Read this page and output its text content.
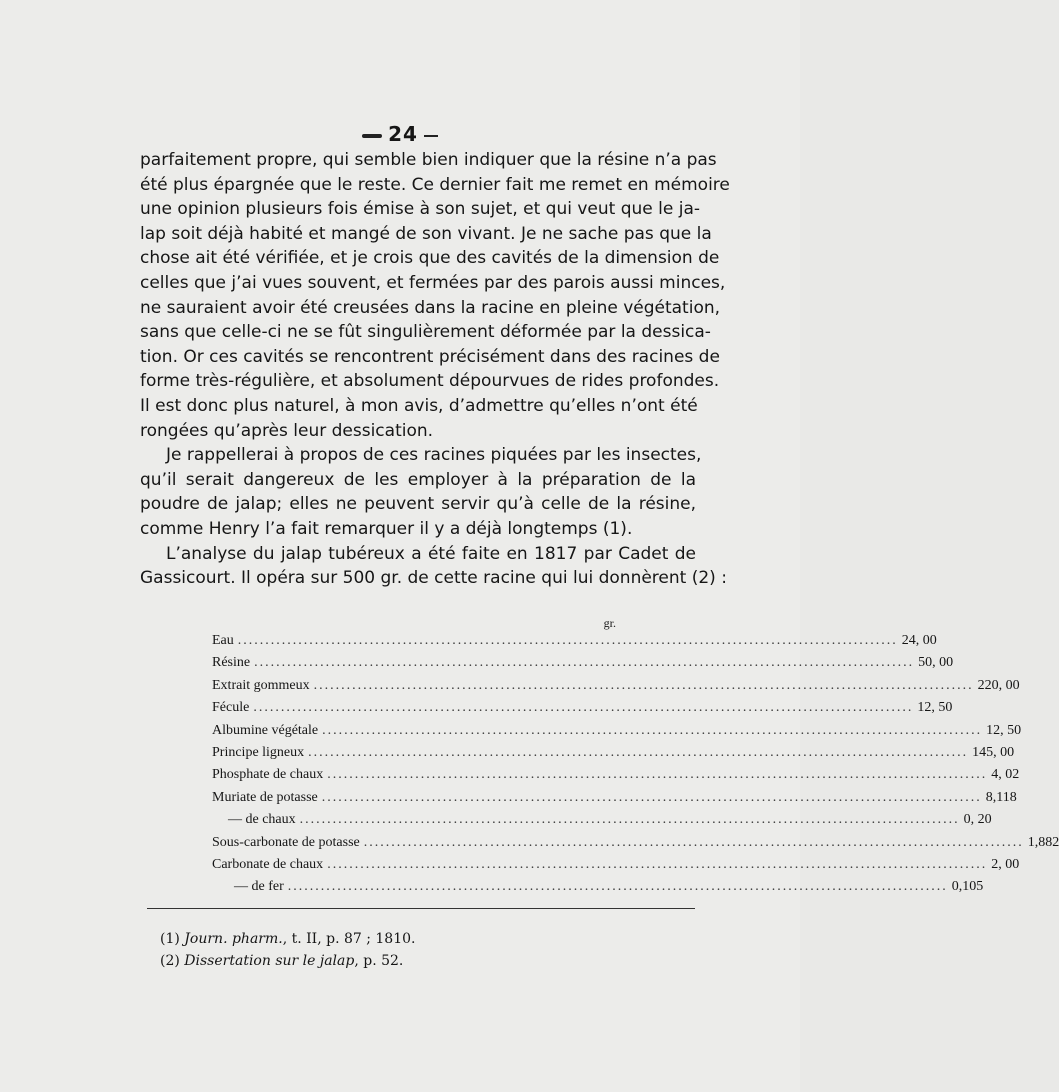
24
parfaitement propre, qui semble bien indiquer que la résine n’a pas
été plus épargnée que le reste. Ce dernier fait me remet en mémoire
une opinion plusieurs fois émise à son sujet, et qui veut que le ja-
lap soit déjà habité et mangé de son vivant. Je ne sache pas que la
chose ait été vérifiée, et je crois que des cavités de la dimension de
celles que j’ai vues souvent, et fermées par des parois aussi minces,
ne sauraient avoir été creusées dans la racine en pleine végétation,
sans que celle-ci ne se fût singulièrement déformée par la dessica-
tion. Or ces cavités se rencontrent précisément dans des racines de
forme très-régulière, et absolument dépourvues de rides profondes.
Il est donc plus naturel, à mon avis, d’admettre qu’elles n’ont été
rongées qu’après leur dessication.
Je rappellerai à propos de ces racines piquées par les insectes,
qu’il serait dangereux de les employer à la préparation de la
poudre de jalap; elles ne peuvent servir qu’à celle de la résine,
comme Henry l’a fait remarquer il y a déjà longtemps (1).
L’analyse du jalap tubéreux a été faite en 1817 par Cadet de
Gassicourt. Il opéra sur 500 gr. de cette racine qui lui donnèrent (2) :
gr.
Eau ........................................................................................................................ 24, 00
Résine ........................................................................................................................ 50, 00
Extrait gommeux ........................................................................................................................ 220, 00
Fécule ........................................................................................................................ 12, 50
Albumine végétale ........................................................................................................................ 12, 50
Principe ligneux ........................................................................................................................ 145, 00
Phosphate de chaux ........................................................................................................................ 4, 02
Muriate de potasse ........................................................................................................................ 8,118
— de chaux ........................................................................................................................ 0, 20
Sous-carbonate de potasse ........................................................................................................................ 1,882
Carbonate de chaux ........................................................................................................................ 2, 00
— de fer ........................................................................................................................ 0,105
(1) Journ. pharm., t. II, p. 87 ; 1810.
(2) Dissertation sur le jalap, p. 52.
